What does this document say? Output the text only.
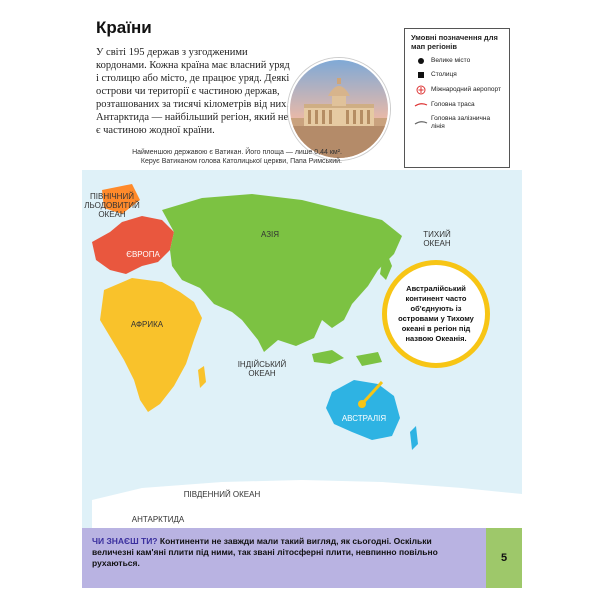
Країни
У світі 195 держав з узгодженими кордонами. Кожна країна має власний уряд і столицю або місто, де працює уряд. Деякі острови чи території є частиною держав, розташованих за тисячі кілометрів від них. Антарктида — найбільший регіон, який не є частиною жодної країни.
Найменшою державою є Ватикан. Його площа — лише 0,44 км². Керує Ватиканом голова Католицької церкви, Папа Римський.
Умовні позначення для мап регіонів
Велике місто
Столиця
Міжнародний аеропорт
Головна траса
Головна залізнична лінія
ПІВНІЧНИЙ ЛЬОДОВИТИЙ ОКЕАН
ТИХИЙ ОКЕАН
АЗІЯ
ЄВРОПА
АФРИКА
ІНДІЙСЬКИЙ ОКЕАН
АВСТРАЛІЯ
ПІВДЕННИЙ ОКЕАН
АНТАРКТИДА
Австралійський континент часто об'єднують із островами у Тихому океані в регіон під назвою Океанія.
ЧИ ЗНАЄШ ТИ? Континенти не завжди мали такий вигляд, як сьогодні. Оскільки величезні кам'яні плити під ними, так звані літосферні плити, невпинно повільно рухаються.	5
